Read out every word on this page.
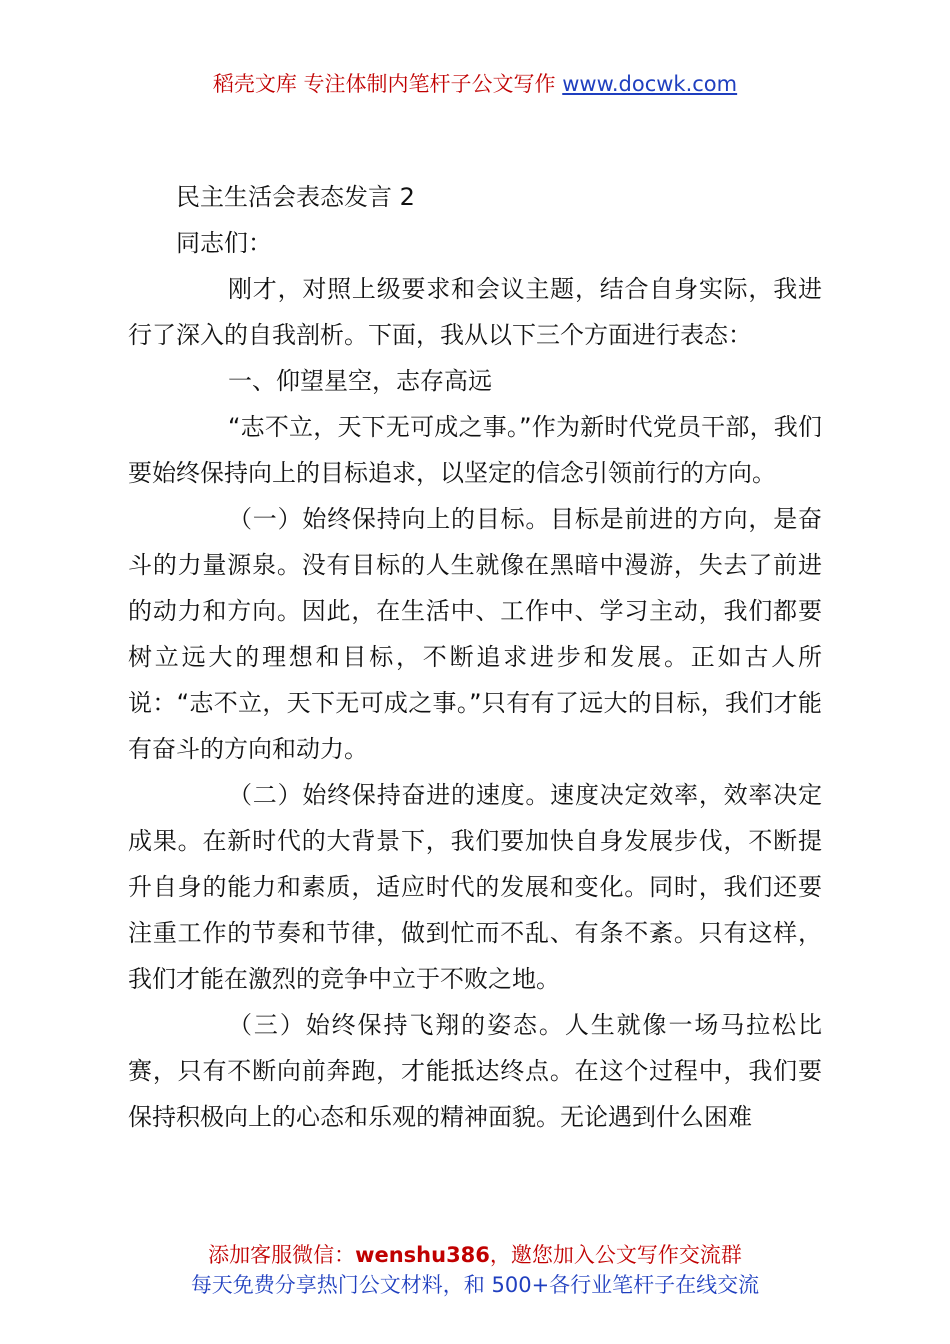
稻壳文库 专注体制内笔杆子公文写作 www.docwk.com

民主生活会表态发言 2

同志们：

刚才，对照上级要求和会议主题，结合自身实际，我进行了深入的自我剖析。下面，我从以下三个方面进行表态：

一、仰望星空，志存高远

“志不立，天下无可成之事。”作为新时代党员干部，我们要始终保持向上的目标追求，以坚定的信念引领前行的方向。

（一）始终保持向上的目标。目标是前进的方向，是奋斗的力量源泉。没有目标的人生就像在黑暗中漫游，失去了前进的动力和方向。因此，在生活中、工作中、学习主动，我们都要树立远大的理想和目标，不断追求进步和发展。正如古人所说：“志不立，天下无可成之事。”只有有了远大的目标，我们才能有奋斗的方向和动力。

（二）始终保持奋进的速度。速度决定效率，效率决定成果。在新时代的大背景下，我们要加快自身发展步伐，不断提升自身的能力和素质，适应时代的发展和变化。同时，我们还要注重工作的节奏和节律，做到忙而不乱、有条不紊。只有这样，我们才能在激烈的竞争中立于不败之地。

（三）始终保持飞翔的姿态。人生就像一场马拉松比赛，只有不断向前奔跑，才能抵达终点。在这个过程中，我们要保持积极向上的心态和乐观的精神面貌。无论遇到什么困难

添加客服微信：wenshu386，邀您加入公文写作交流群
每天免费分享热门公文材料，和 500+各行业笔杆子在线交流
